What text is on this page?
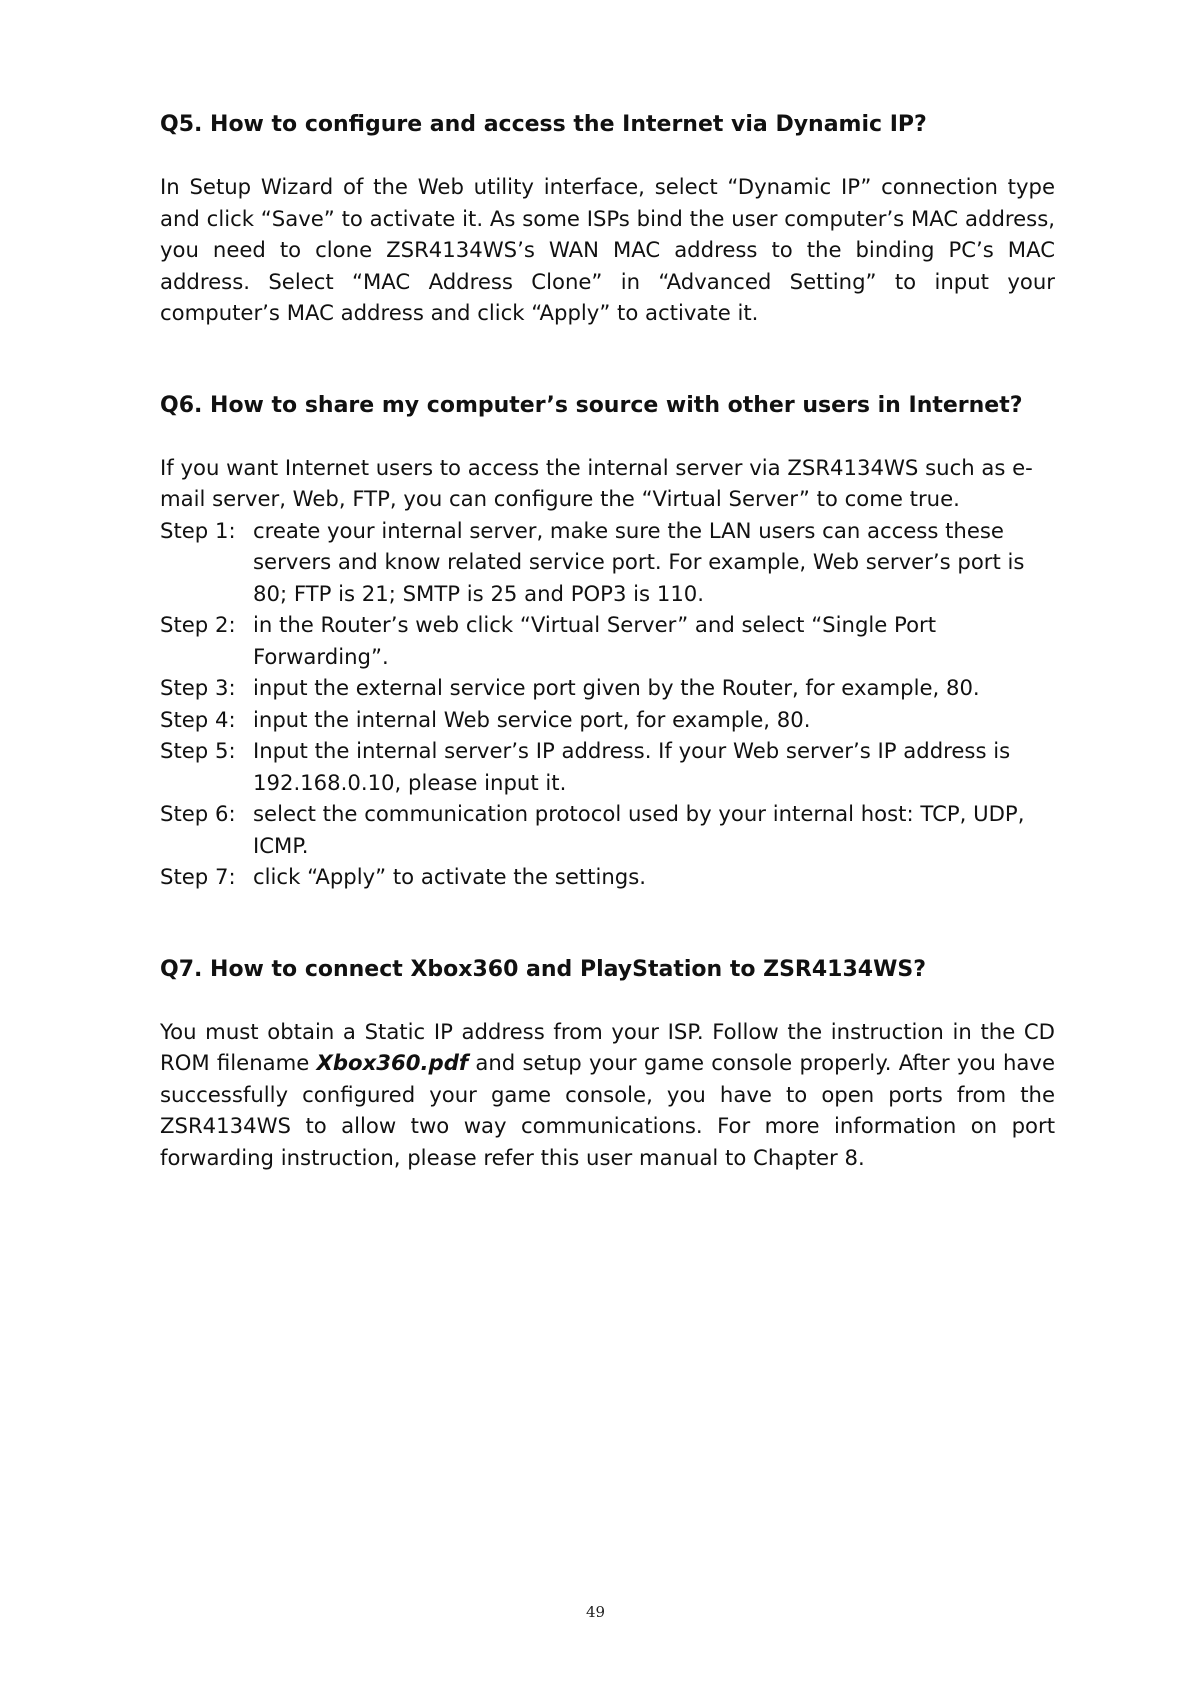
Q5. How to configure and access the Internet via Dynamic IP?

In Setup Wizard of the Web utility interface, select “Dynamic IP” connection type and click “Save” to activate it. As some ISPs bind the user computer’s MAC address, you need to clone ZSR4134WS’s WAN MAC address to the binding PC’s MAC address. Select “MAC Address Clone” in “Advanced Setting” to input your computer’s MAC address and click “Apply” to activate it.

Q6. How to share my computer’s source with other users in Internet?

If you want Internet users to access the internal server via ZSR4134WS such as e-mail server, Web, FTP, you can configure the “Virtual Server” to come true.

Step 1: create your internal server, make sure the LAN users can access these
servers and know related service port. For example, Web server’s port is 80; FTP is 21; SMTP is 25 and POP3 is 110.
Step 2: in the Router’s web click “Virtual Server” and select “Single Port
Forwarding”.
Step 3: input the external service port given by the Router, for example, 80.
Step 4: input the internal Web service port, for example, 80.
Step 5: Input the internal server’s IP address. If your Web server’s IP address is
192.168.0.10, please input it.
Step 6: select the communication protocol used by your internal host: TCP, UDP,
ICMP.
Step 7: click “Apply” to activate the settings.
Q7. How to connect Xbox360 and PlayStation to ZSR4134WS?

You must obtain a Static IP address from your ISP. Follow the instruction in the CD ROM filename Xbox360.pdf and setup your game console properly. After you have successfully configured your game console, you have to open ports from the ZSR4134WS to allow two way communications. For more information on port forwarding instruction, please refer this user manual to Chapter 8.

49
